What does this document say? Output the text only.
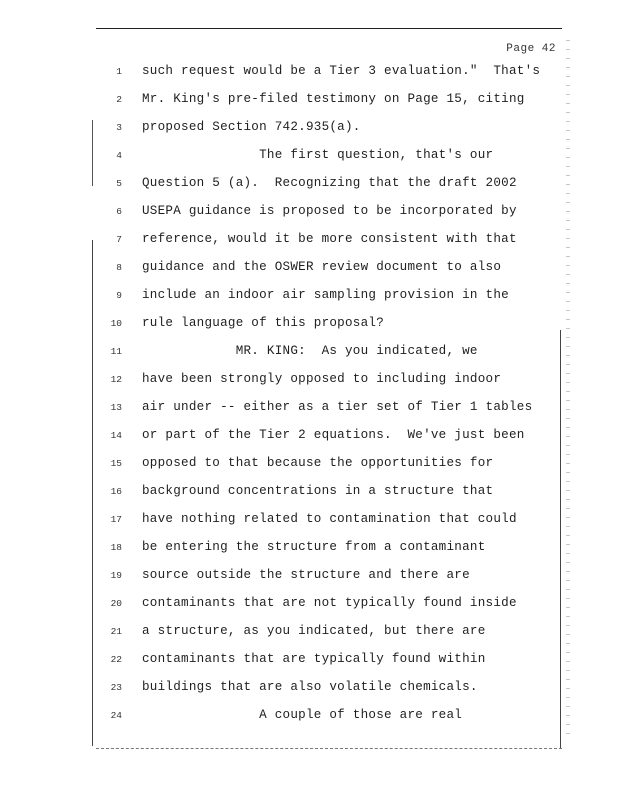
Page 42
1 such request would be a Tier 3 evaluation."  That's
2 Mr. King's pre-filed testimony on Page 15, citing
3 proposed Section 742.935(a).
4 The first question, that's our
5 Question 5 (a).  Recognizing that the draft 2002
6 USEPA guidance is proposed to be incorporated by
7 reference, would it be more consistent with that
8 guidance and the OSWER review document to also
9 include an indoor air sampling provision in the
10 rule language of this proposal?
11 MR. KING:  As you indicated, we
12 have been strongly opposed to including indoor
13 air under -- either as a tier set of Tier 1 tables
14 or part of the Tier 2 equations.  We've just been
15 opposed to that because the opportunities for
16 background concentrations in a structure that
17 have nothing related to contamination that could
18 be entering the structure from a contaminant
19 source outside the structure and there are
20 contaminants that are not typically found inside
21 a structure, as you indicated, but there are
22 contaminants that are typically found within
23 buildings that are also volatile chemicals.
24 A couple of those are real
